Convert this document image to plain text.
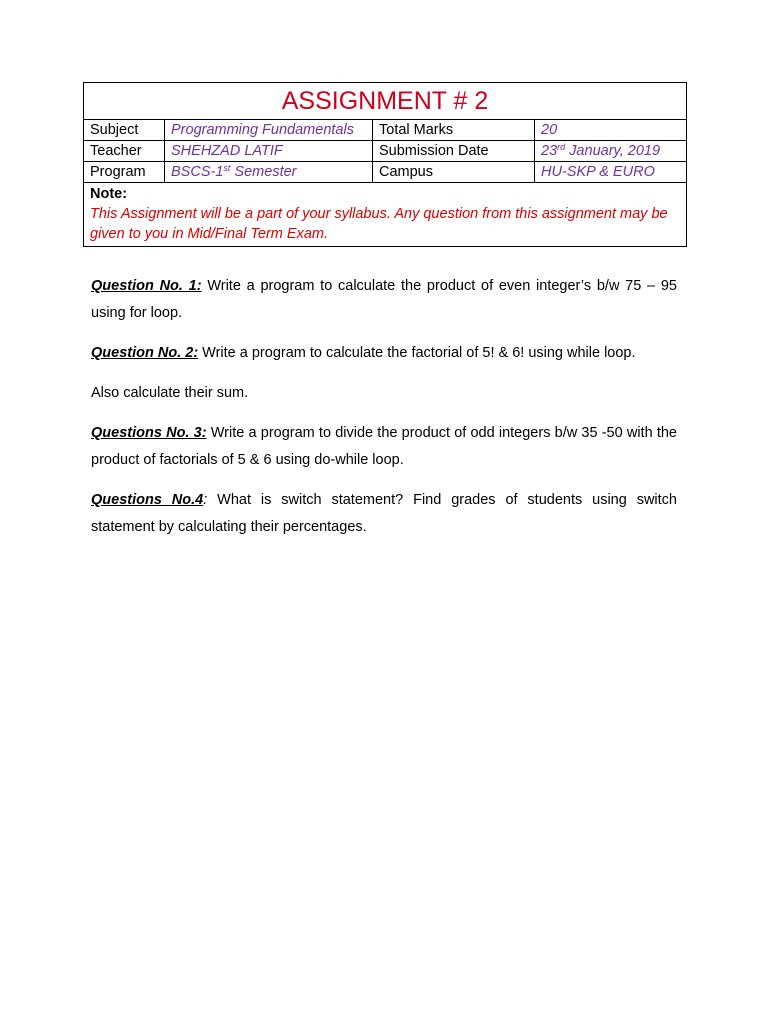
ASSIGNMENT # 2			
Subject	Programming Fundamentals	Total Marks	20
Teacher	SHEHZAD LATIF	Submission Date	23rd January, 2019
Program	BSCS-1st Semester	Campus	HU-SKP & EURO

Note:
This Assignment will be a part of your syllabus. Any question from this assignment may be given to you in Mid/Final Term Exam.			

Question No. 1: Write a program to calculate the product of even integer’s b/w 75 – 95 using for loop.

Question No. 2: Write a program to calculate the factorial of 5! & 6! using while loop.

Also calculate their sum.

Questions No. 3: Write a program to divide the product of odd integers b/w 35 -50 with the product of factorials of 5 & 6 using do-while loop.

Questions No.4: What is switch statement? Find grades of students using switch statement by calculating their percentages.
